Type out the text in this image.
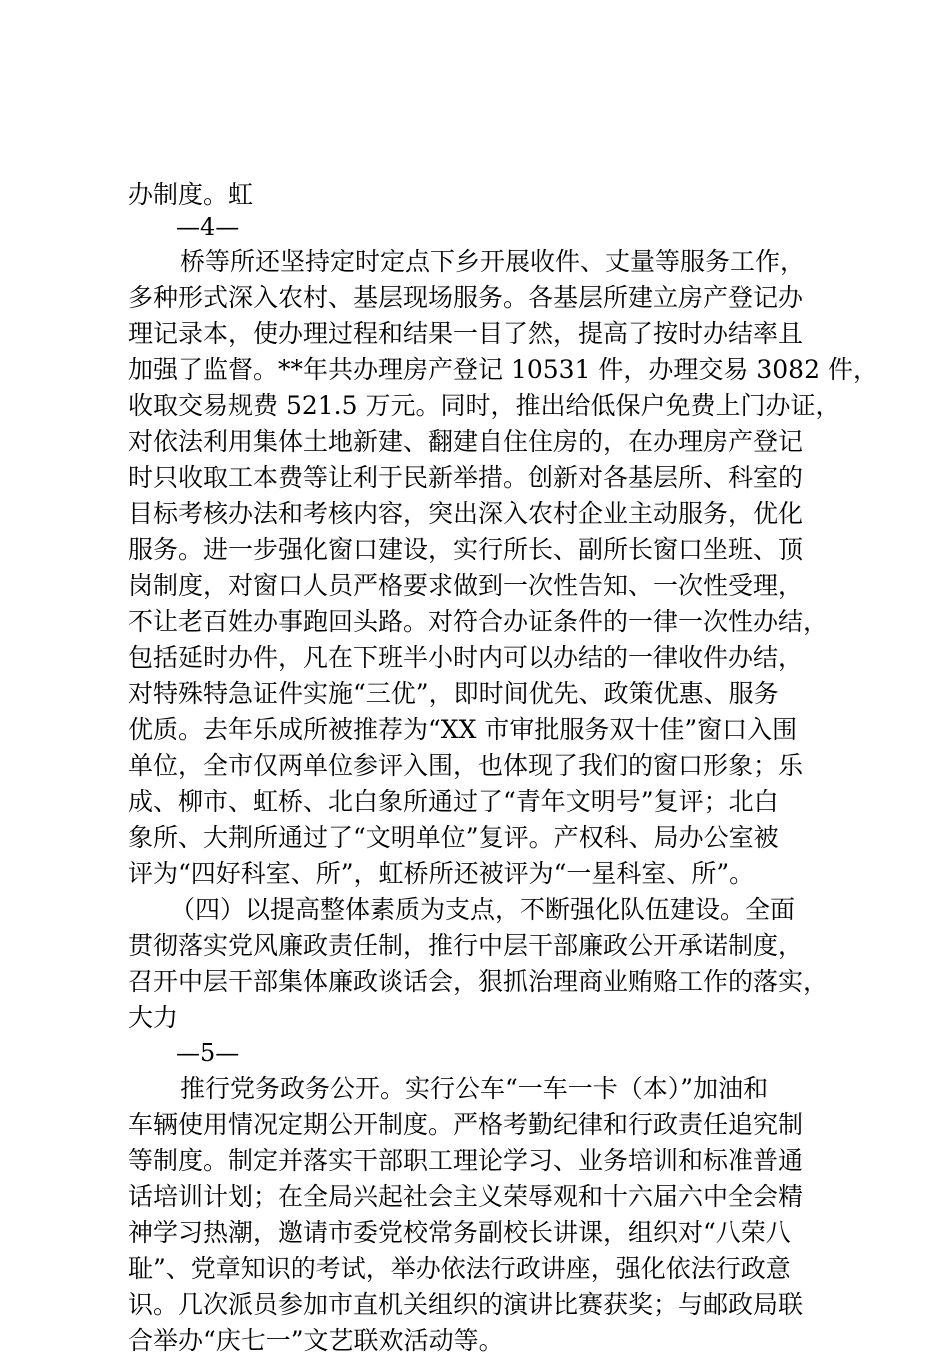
办制度。虹
—4—
桥等所还坚持定时定点下乡开展收件、丈量等服务工作，
多种形式深入农村、基层现场服务。各基层所建立房产登记办
理记录本，使办理过程和结果一目了然，提高了按时办结率且
加强了监督。**年共办理房产登记 10531 件，办理交易 3082 件，
收取交易规费 521.5 万元。同时，推出给低保户免费上门办证，
对依法利用集体土地新建、翻建自住住房的，在办理房产登记
时只收取工本费等让利于民新举措。创新对各基层所、科室的
目标考核办法和考核内容，突出深入农村企业主动服务，优化
服务。进一步强化窗口建设，实行所长、副所长窗口坐班、顶
岗制度，对窗口人员严格要求做到一次性告知、一次性受理，
不让老百姓办事跑回头路。对符合办证条件的一律一次性办结，
包括延时办件，凡在下班半小时内可以办结的一律收件办结，
对特殊特急证件实施“三优”，即时间优先、政策优惠、服务
优质。去年乐成所被推荐为“XX 市审批服务双十佳”窗口入围
单位，全市仅两单位参评入围，也体现了我们的窗口形象；乐
成、柳市、虹桥、北白象所通过了“青年文明号”复评；北白
象所、大荆所通过了“文明单位”复评。产权科、局办公室被
评为“四好科室、所”，虹桥所还被评为“一星科室、所”。
（四）以提高整体素质为支点，不断强化队伍建设。全面
贯彻落实党风廉政责任制，推行中层干部廉政公开承诺制度，
召开中层干部集体廉政谈话会，狠抓治理商业贿赂工作的落实，
大力
—5—
推行党务政务公开。实行公车“一车一卡（本）”加油和
车辆使用情况定期公开制度。严格考勤纪律和行政责任追究制
等制度。制定并落实干部职工理论学习、业务培训和标准普通
话培训计划；在全局兴起社会主义荣辱观和十六届六中全会精
神学习热潮，邀请市委党校常务副校长讲课，组织对“八荣八
耻”、党章知识的考试，举办依法行政讲座，强化依法行政意
识。几次派员参加市直机关组织的演讲比赛获奖；与邮政局联
合举办“庆七一”文艺联欢活动等。
